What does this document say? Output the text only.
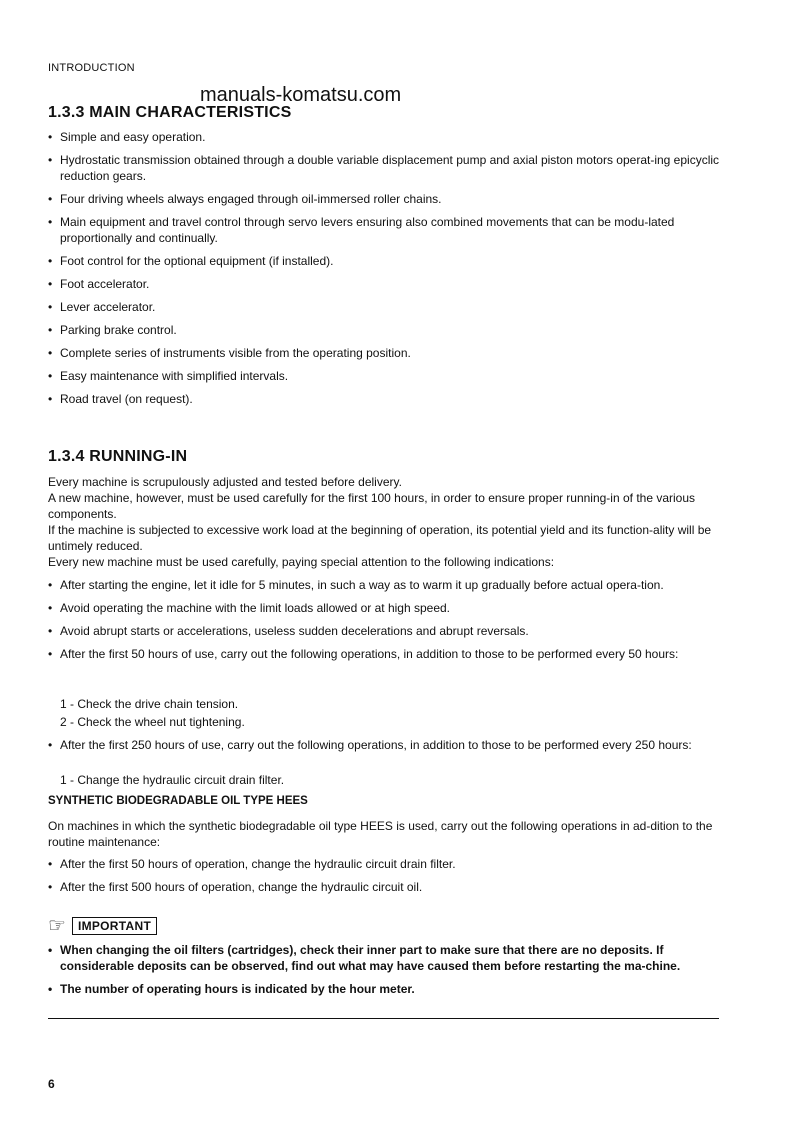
INTRODUCTION
manuals-komatsu.com
1.3.3 MAIN CHARACTERISTICS
• Simple and easy operation.
• Hydrostatic transmission obtained through a double variable displacement pump and axial piston motors operat-ing epicyclic reduction gears.
• Four driving wheels always engaged through oil-immersed roller chains.
• Main equipment and travel control through servo levers ensuring also combined movements that can be modu-lated proportionally and continually.
• Foot control for the optional equipment (if installed).
• Foot accelerator.
• Lever accelerator.
• Parking brake control.
• Complete series of instruments visible from the operating position.
• Easy maintenance with simplified intervals.
• Road travel (on request).
1.3.4 RUNNING-IN
Every machine is scrupulously adjusted and tested before delivery.
A new machine, however, must be used carefully for the first 100 hours, in order to ensure proper running-in of the various components.
If the machine is subjected to excessive work load at the beginning of operation, its potential yield and its function-ality will be untimely reduced.
Every new machine must be used carefully, paying special attention to the following indications:
• After starting the engine, let it idle for 5 minutes, in such a way as to warm it up gradually before actual opera-tion.
• Avoid operating the machine with the limit loads allowed or at high speed.
• Avoid abrupt starts or accelerations, useless sudden decelerations and abrupt reversals.
• After the first 50 hours of use, carry out the following operations, in addition to those to be performed every 50 hours:
1 - Check the drive chain tension.
2 - Check the wheel nut tightening.
• After the first 250 hours of use, carry out the following operations, in addition to those to be performed every 250 hours:
1 - Change the hydraulic circuit drain filter.
SYNTHETIC BIODEGRADABLE OIL TYPE HEES
On machines in which the synthetic biodegradable oil type HEES is used, carry out the following operations in ad-dition to the routine maintenance:
• After the first 50 hours of operation, change the hydraulic circuit drain filter.
• After the first 500 hours of operation, change the hydraulic circuit oil.
☞	IMPORTANT
• When changing the oil filters (cartridges), check their inner part to make sure that there are no deposits. If considerable deposits can be observed, find out what may have caused them before restarting the ma-chine.
• The number of operating hours is indicated by the hour meter.
6
